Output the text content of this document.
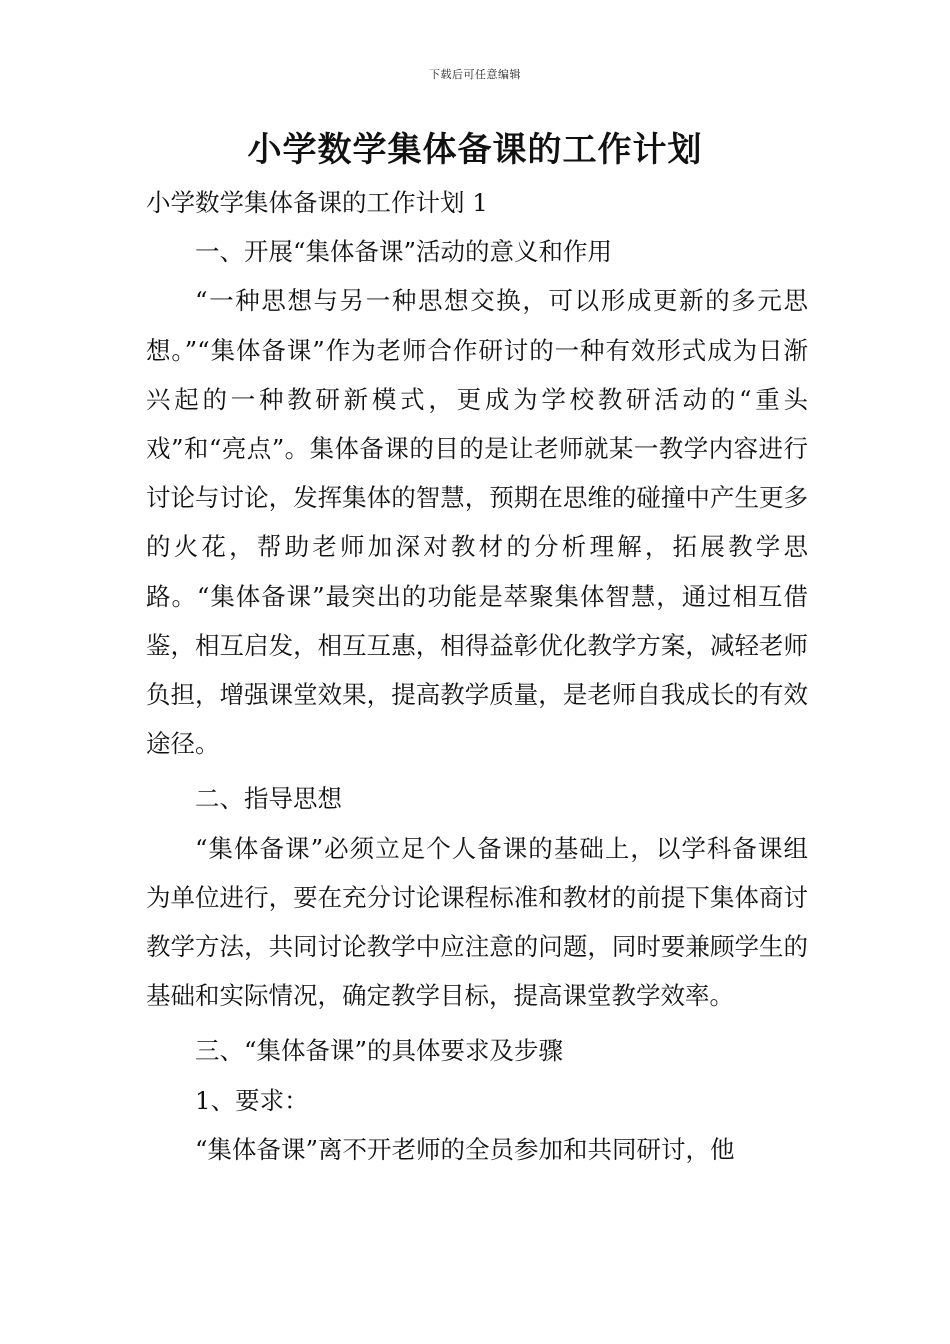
下载后可任意编辑
小学数学集体备课的工作计划

小学数学集体备课的工作计划 1

一、开展“集体备课”活动的意义和作用

“一种思想与另一种思想交换，可以形成更新的多元思想。”“集体备课”作为老师合作研讨的一种有效形式成为日渐兴起的一种教研新模式，更成为学校教研活动的“重头戏”和“亮点”。集体备课的目的是让老师就某一教学内容进行讨论与讨论，发挥集体的智慧，预期在思维的碰撞中产生更多的火花，帮助老师加深对教材的分析理解，拓展教学思路。“集体备课”最突出的功能是萃聚集体智慧，通过相互借鉴，相互启发，相互互惠，相得益彰优化教学方案，减轻老师负担，增强课堂效果，提高教学质量，是老师自我成长的有效途径。

二、指导思想

“集体备课”必须立足个人备课的基础上，以学科备课组为单位进行，要在充分讨论课程标准和教材的前提下集体商讨教学方法，共同讨论教学中应注意的问题，同时要兼顾学生的基础和实际情况，确定教学目标，提高课堂教学效率。

三、“集体备课”的具体要求及步骤

1、要求：

“集体备课”离不开老师的全员参加和共同研讨，他
